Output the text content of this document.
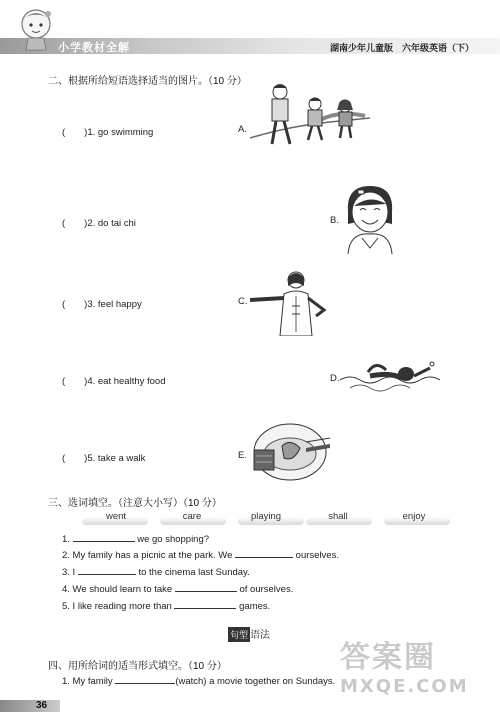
小学教材全解	湖南少年儿童版　六年级英语（下）
二、根据所给短语选择适当的图片。（10 分）
(　　)1. go swimming
(　　)2. do tai chi
(　　)3. feel happy
(　　)4. eat healthy food
(　　)5. take a walk
A.
B.
C.
D.
E.
三、选词填空。（注意大小写）（10 分）
went	care	playing	shall	enjoy
1.	we go shopping?
2. My family has a picnic at the park. We	ourselves.
3. I	to the cinema last Sunday.
4. We should learn to take	of ourselves.
5. I like reading more than	games.
句型 语法
四、用所给词的适当形式填空。（10 分）
1. My family	(watch) a movie together on Sundays.
答案圈
MXQE.COM
36
